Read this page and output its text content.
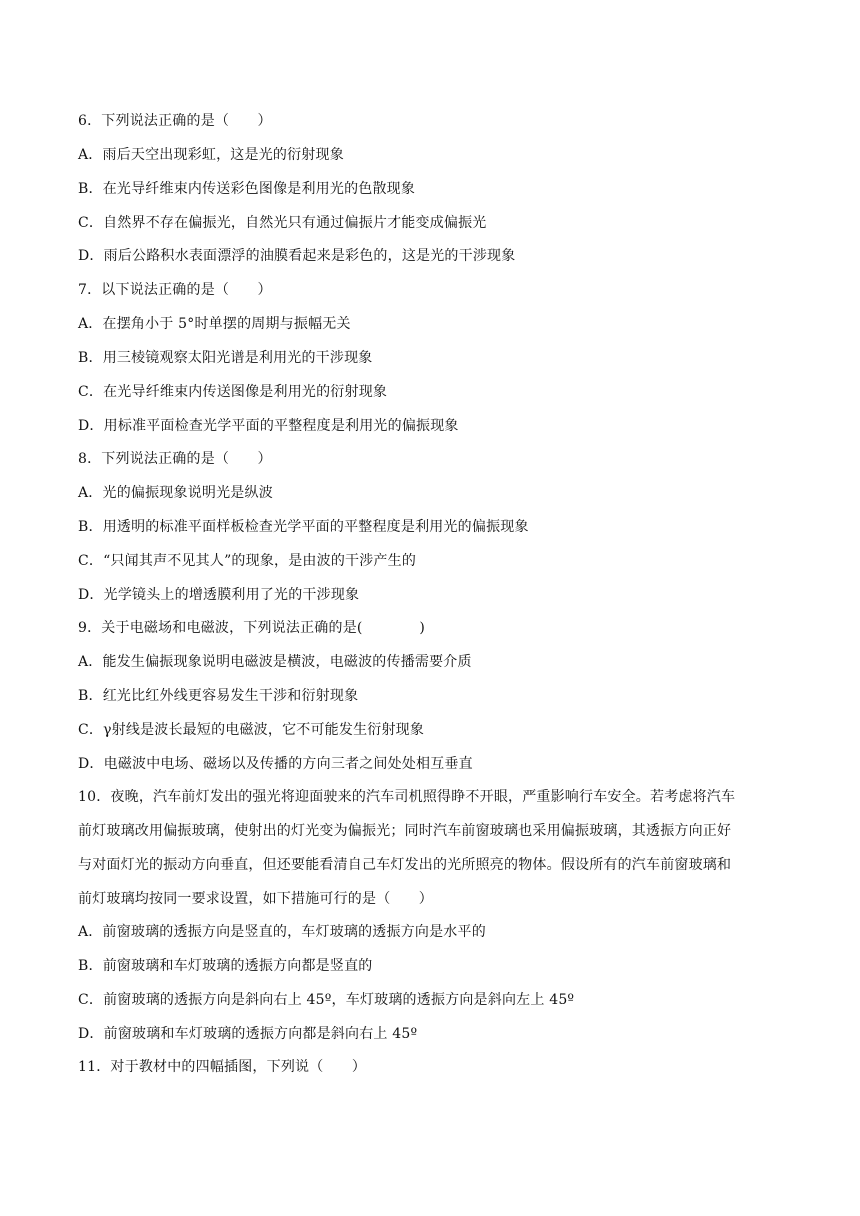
6．下列说法正确的是（　　）
A．雨后天空出现彩虹，这是光的衍射现象
B．在光导纤维束内传送彩色图像是利用光的色散现象
C．自然界不存在偏振光，自然光只有通过偏振片才能变成偏振光
D．雨后公路积水表面漂浮的油膜看起来是彩色的，这是光的干涉现象
7．以下说法正确的是（　　）
A．在摆角小于 5°时单摆的周期与振幅无关
B．用三棱镜观察太阳光谱是利用光的干涉现象
C．在光导纤维束内传送图像是利用光的衍射现象
D．用标准平面检查光学平面的平整程度是利用光的偏振现象
8．下列说法正确的是（　　）
A．光的偏振现象说明光是纵波
B．用透明的标准平面样板检查光学平面的平整程度是利用光的偏振现象
C．“只闻其声不见其人”的现象，是由波的干涉产生的
D．光学镜头上的增透膜利用了光的干涉现象
9．关于电磁场和电磁波，下列说法正确的是(　　　　)
A．能发生偏振现象说明电磁波是横波，电磁波的传播需要介质
B．红光比红外线更容易发生干涉和衍射现象
C．γ射线是波长最短的电磁波，它不可能发生衍射现象
D．电磁波中电场、磁场以及传播的方向三者之间处处相互垂直
10．夜晚，汽车前灯发出的强光将迎面驶来的汽车司机照得睁不开眼，严重影响行车安全。若考虑将汽车
前灯玻璃改用偏振玻璃，使射出的灯光变为偏振光；同时汽车前窗玻璃也采用偏振玻璃，其透振方向正好
与对面灯光的振动方向垂直，但还要能看清自己车灯发出的光所照亮的物体。假设所有的汽车前窗玻璃和
前灯玻璃均按同一要求设置，如下措施可行的是（　　）
A．前窗玻璃的透振方向是竖直的，车灯玻璃的透振方向是水平的
B．前窗玻璃和车灯玻璃的透振方向都是竖直的
C．前窗玻璃的透振方向是斜向右上 45º，车灯玻璃的透振方向是斜向左上 45º
D．前窗玻璃和车灯玻璃的透振方向都是斜向右上 45º
11．对于教材中的四幅插图，下列说（　　）
